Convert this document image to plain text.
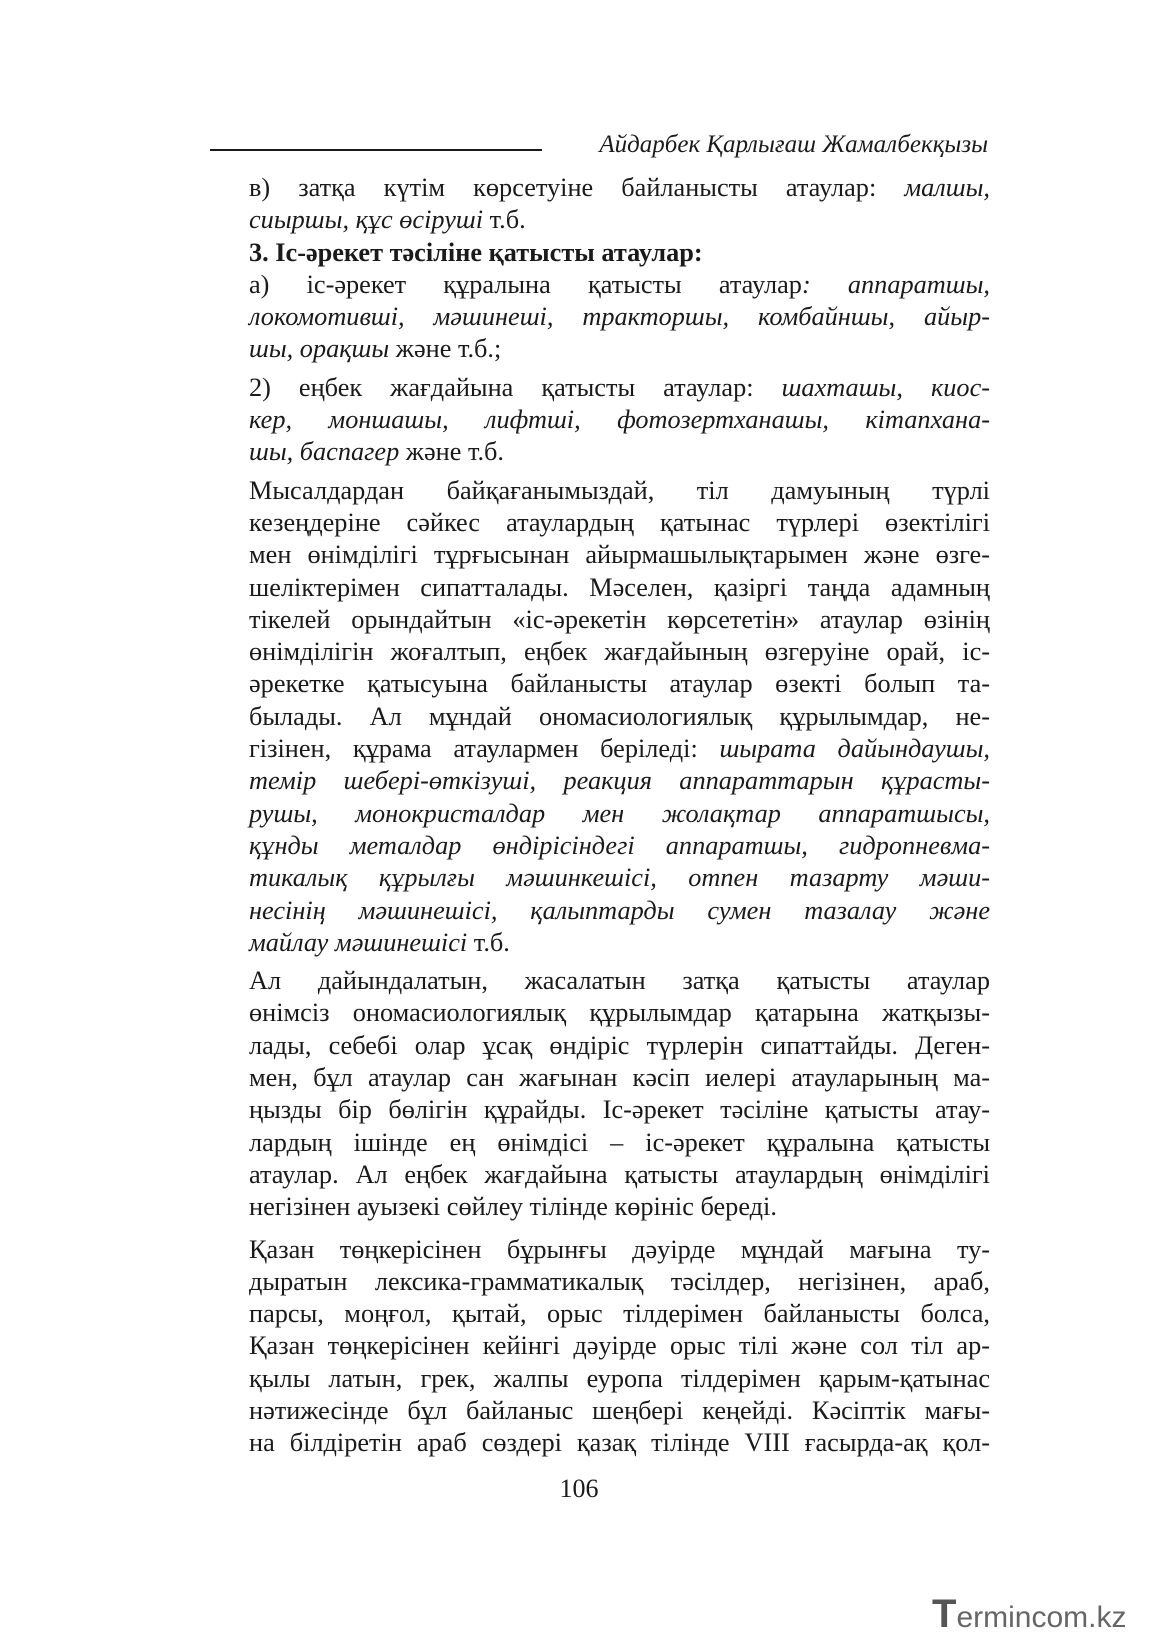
Айдарбек Қарлығаш Жамалбекқызы

в) затқа күтім көрсетуіне байланысты атаулар: малшы,
сиыршы, құс өсіруші т.б.

3. Іс-әрекет тәсіліне қатысты атаулар:

а) іс-әрекет құралына қатысты атаулар: аппаратшы,
локомотивші, мәшинеші, тракторшы, комбайншы, айыр-
шы, орақшы және т.б.;

2) еңбек жағдайына қатысты атаулар: шахташы, киос-
кер, моншашы, лифтші, фотозертханашы, кітапхана-
шы, баспагер және т.б.

Мысалдардан байқағанымыздай, тіл дамуының түрлі
кезеңдеріне сәйкес атаулардың қатынас түрлері өзектілігі
мен өнімділігі тұрғысынан айырмашылықтарымен және өзге-
шеліктерімен сипатталады. Мәселен, қазіргі таңда адамның
тікелей орындайтын «іс-әрекетін көрсететін» атаулар өзінің
өнімділігін жоғалтып, еңбек жағдайының өзгеруіне орай, іс-
әрекетке қатысуына байланысты атаулар өзекті болып та-
былады. Ал мұндай ономасиологиялық құрылымдар, не-
гізінен, құрама атаулармен беріледі: шырата дайындаушы,
темір шебері-өткізуші, реакция аппараттарын құрасты-
рушы, монокристалдар мен жолақтар аппаратшысы,
құнды металдар өндірісіндегі аппаратшы, гидропневма-
тикалық құрылғы мәшинкешісі, отпен тазарту мәши-
несінің мәшинешісі, қалыптарды сумен тазалау және
майлау мәшинешісі т.б.

Ал дайындалатын, жасалатын затқа қатысты атаулар
өнімсіз ономасиологиялық құрылымдар қатарына жатқызы-
лады, себебі олар ұсақ өндіріс түрлерін сипаттайды. Деген-
мен, бұл атаулар сан жағынан кәсіп иелері атауларының ма-
ңызды бір бөлігін құрайды. Іс-әрекет тәсіліне қатысты атау-
лардың ішінде ең өнімдісі – іс-әрекет құралына қатысты
атаулар. Ал еңбек жағдайына қатысты атаулардың өнімділігі
негізінен ауызекі сөйлеу тілінде көрініс береді.

Қазан төңкерісінен бұрынғы дәуірде мұндай мағына ту-
дыратын лексика-грамматикалық тәсілдер, негізінен, араб,
парсы, моңғол, қытай, орыс тілдерімен байланысты болса,
Қазан төңкерісінен кейінгі дәуірде орыс тілі және сол тіл ар-
қылы латын, грек, жалпы еуропа тілдерімен қарым-қатынас
нәтижесінде бұл байланыс шеңбері кеңейді. Кәсіптік мағы-
на білдіретін араб сөздері қазақ тілінде VIII ғасырда-ақ қол-

106
Termincom.kz
